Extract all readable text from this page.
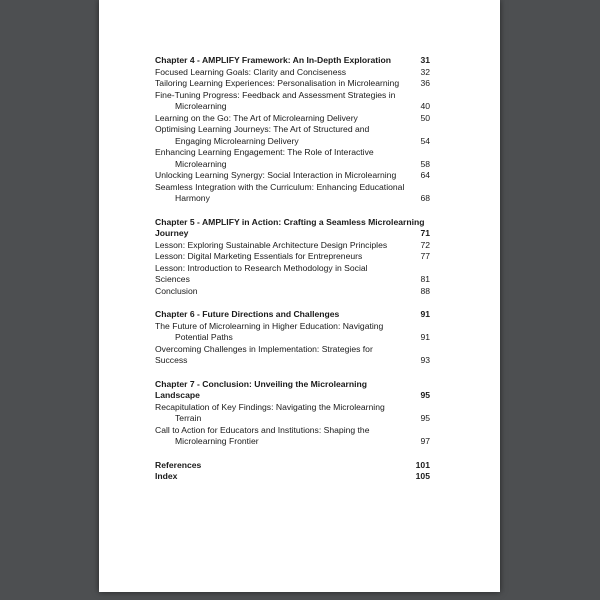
Chapter 4 - AMPLIFY Framework: An In-Depth Exploration	31
Focused Learning Goals: Clarity and Conciseness	32
Tailoring Learning Experiences: Personalisation in Microlearning	36
Fine-Tuning Progress: Feedback and Assessment Strategies in
Microlearning	40
Learning on the Go: The Art of Microlearning Delivery	50
Optimising Learning Journeys: The Art of Structured and
Engaging Microlearning Delivery	54
Enhancing Learning Engagement: The Role of Interactive
Microlearning	58
Unlocking Learning Synergy: Social Interaction in Microlearning	64
Seamless Integration with the Curriculum: Enhancing Educational
Harmony	68
Chapter 5 - AMPLIFY in Action: Crafting a Seamless Microlearning
Journey	71
Lesson: Exploring Sustainable Architecture Design Principles	72
Lesson: Digital Marketing Essentials for Entrepreneurs	77
Lesson: Introduction to Research Methodology in Social Sciences	81
Conclusion	88
Chapter 6 - Future Directions and Challenges	91
The Future of Microlearning in Higher Education: Navigating
Potential Paths	91
Overcoming Challenges in Implementation: Strategies for Success	93
Chapter 7 - Conclusion: Unveiling the Microlearning Landscape	95
Recapitulation of Key Findings: Navigating the Microlearning
Terrain	95
Call to Action for Educators and Institutions: Shaping the
Microlearning Frontier	97
References	101
Index	105
